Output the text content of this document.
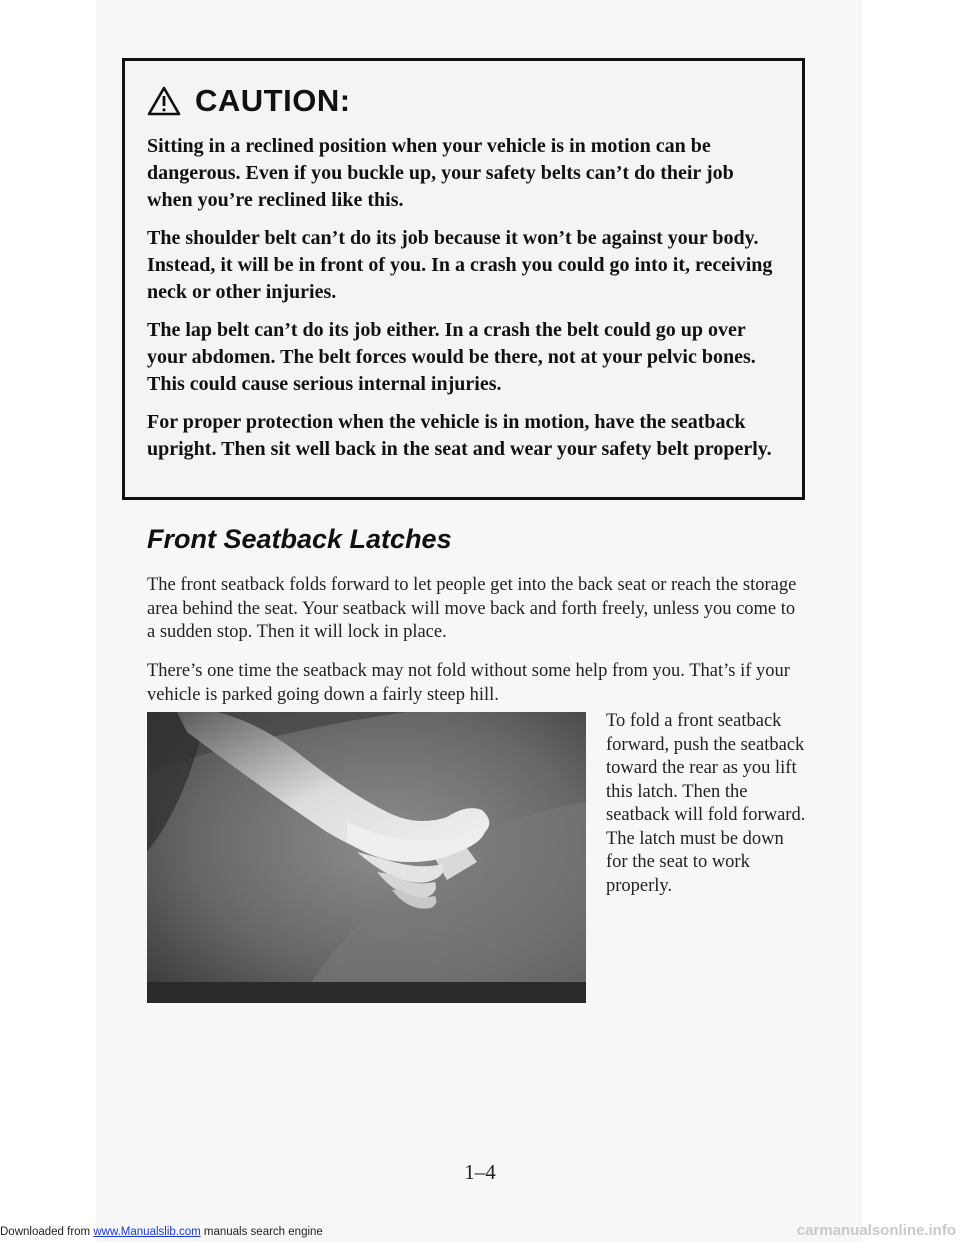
CAUTION:

Sitting in a reclined position when your vehicle is in motion can be dangerous. Even if you buckle up, your safety belts can’t do their job when you’re reclined like this.

The shoulder belt can’t do its job because it won’t be against your body. Instead, it will be in front of you. In a crash you could go into it, receiving neck or other injuries.

The lap belt can’t do its job either. In a crash the belt could go up over your abdomen. The belt forces would be there, not at your pelvic bones. This could cause serious internal injuries.

For proper protection when the vehicle is in motion, have the seatback upright. Then sit well back in the seat and wear your safety belt properly.

Front Seatback Latches

The front seatback folds forward to let people get into the back seat or reach the storage area behind the seat. Your seatback will move back and forth freely, unless you come to a sudden stop. Then it will lock in place.

There’s one time the seatback may not fold without some help from you. That’s if your vehicle is parked going down a fairly steep hill.

To fold a front seatback forward, push the seatback toward the rear as you lift this latch. Then the seatback will fold forward. The latch must be down for the seat to work properly.

1–4
Downloaded from www.Manualslib.com manuals search engine	carmanualsonline.info
